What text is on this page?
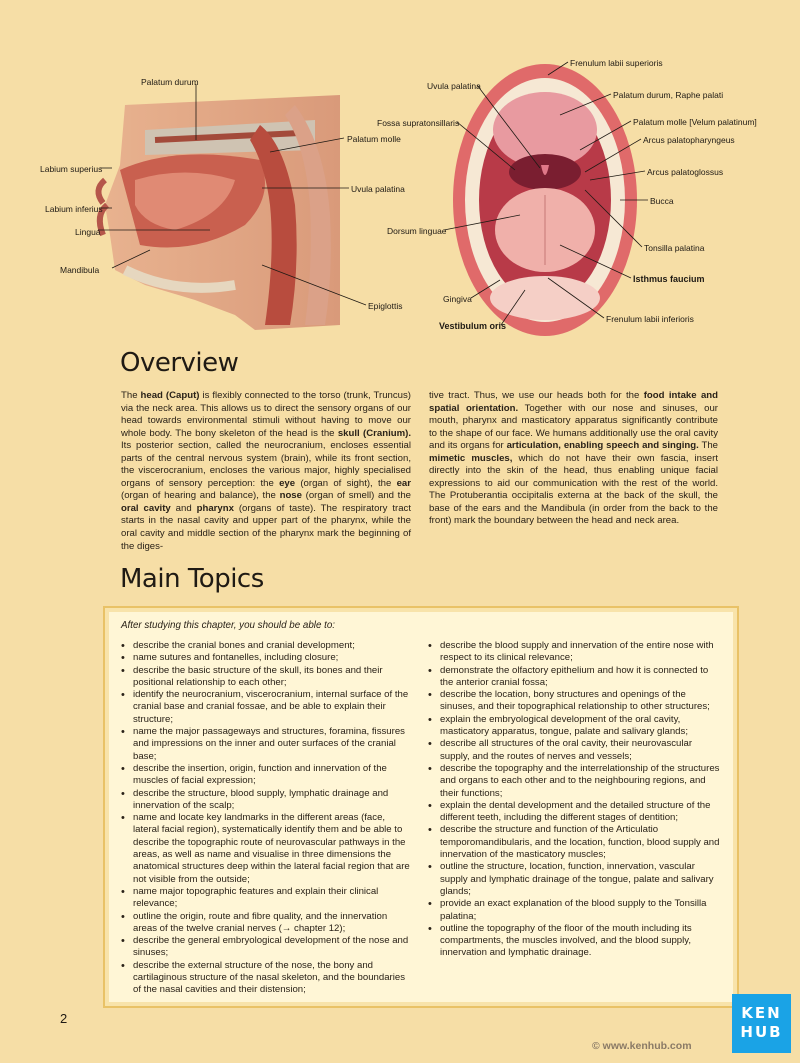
Palatum durum
Palatum molle
Labium superius
Uvula palatina
Labium inferius
Lingua
Mandibula
Epiglottis
Frenulum labii superioris
Uvula palatina
Palatum durum, Raphe palati
Fossa supratonsillaris	Palatum molle [Velum palatinum]
Arcus palatopharyngeus
Arcus palatoglossus
Bucca
Dorsum linguae
Tonsilla palatina
Isthmus faucium
Gingiva
Frenulum labii inferioris
Vestibulum oris
Overview
The head (Caput) is flexibly connected to the torso (trunk, Truncus) via the neck area. This allows us to direct the sensory organs of our head towards environmental stimuli without having to move our whole body. The bony skeleton of the head is the skull (Cranium). Its posterior section, called the neurocranium, encloses essential parts of the central nervous system (brain), while its front section, the viscerocranium, encloses the various major, highly specialised organs of sensory perception: the eye (organ of sight), the ear (organ of hearing and balance), the nose (organ of smell) and the oral cavity and pharynx (organs of taste). The respiratory tract starts in the nasal cavity and upper part of the pharynx, while the oral cavity and middle section of the pharynx mark the beginning of the diges-
tive tract. Thus, we use our heads both for the food intake and spatial orientation. Together with our nose and sinuses, our mouth, pharynx and masticatory apparatus significantly contribute to the shape of our face. We humans additionally use the oral cavity and its organs for articulation, enabling speech and singing. The mimetic muscles, which do not have their own fascia, insert directly into the skin of the head, thus enabling unique facial expressions to aid our communication with the rest of the world. The Protuberantia occipitalis externa at the back of the skull, the base of the ears and the Mandibula (in order from the back to the front) mark the boundary between the head and neck area.
Main Topics
After studying this chapter, you should be able to:
• describe the cranial bones and cranial development;
• name sutures and fontanelles, including closure;
• describe the basic structure of the skull, its bones and their positional relationship to each other;
• identify the neurocranium, viscerocranium, internal surface of the cranial base and cranial fossae, and be able to explain their structure;
• name the major passageways and structures, foramina, fissures and impressions on the inner and outer surfaces of the cranial base;
• describe the insertion, origin, function and innervation of the muscles of facial expression;
• describe the structure, blood supply, lymphatic drainage and innervation of the scalp;
• name and locate key landmarks in the different areas (face, lateral facial region), systematically identify them and be able to describe the topographic route of neurovascular pathways in the areas, as well as name and visualise in three dimensions the anatomical structures deep within the lateral facial region that are not visible from the outside;
• name major topographic features and explain their clinical relevance;
• outline the origin, route and fibre quality, and the innervation areas of the twelve cranial nerves (→ chapter 12);
• describe the general embryological development of the nose and sinuses;
• describe the external structure of the nose, the bony and cartilaginous structure of the nasal skeleton, and the boundaries of the nasal cavities and their distension;
• describe the blood supply and innervation of the entire nose with respect to its clinical relevance;
• demonstrate the olfactory epithelium and how it is connected to the anterior cranial fossa;
• describe the location, bony structures and openings of the sinuses, and their topographical relationship to other structures;
• explain the embryological development of the oral cavity, masticatory apparatus, tongue, palate and salivary glands;
• describe all structures of the oral cavity, their neurovascular supply, and the routes of nerves and vessels;
• describe the topography and the interrelationship of the structures and organs to each other and to the neighbouring regions, and their functions;
• explain the dental development and the detailed structure of the different teeth, including the different stages of dentition;
• describe the structure and function of the Articulatio temporomandibularis, and the location, function, blood supply and innervation of the masticatory muscles;
• outline the structure, location, function, innervation, vascular supply and lymphatic drainage of the tongue, palate and salivary glands;
• provide an exact explanation of the blood supply to the Tonsilla palatina;
• outline the topography of the floor of the mouth including its compartments, the muscles involved, and the blood supply, innervation and lymphatic drainage.
2	KEN
HUB
© www.kenhub.com
